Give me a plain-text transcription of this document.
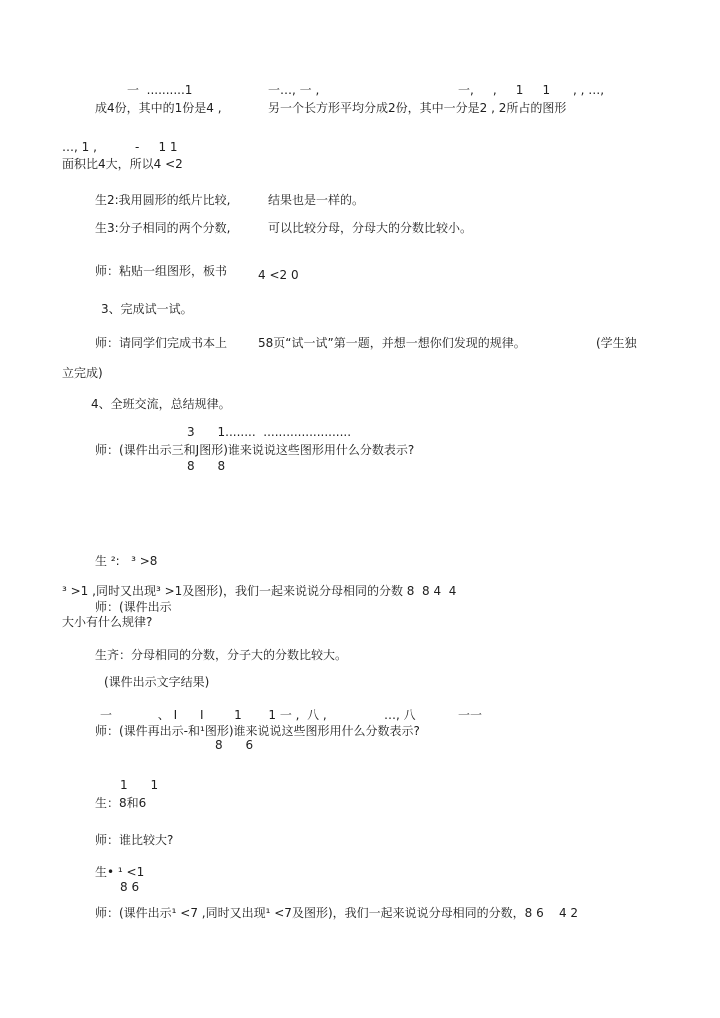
一  ..........1	一…, 一 ,	一,     ,     1     1      , , …,
成4份，其中的1份是4 ,	另一个长方形平均分成2份，其中一分是2 , 2所占的图形
…, 1 ,          -     1 1
面积比4大，所以4 <2
生2:我用圆形的纸片比较,	结果也是一样的。
生3:分子相同的两个分数,	可以比较分母，分母大的分数比较小。
师：粘贴一组图形，板书	4 <2 0
3、完成试一试。
师：请同学们完成书本上	58页“试一试”第一题，并想一想你们发现的规律。	(学生独
立完成)
4、全班交流，总结规律。
3      1........  .......................
师：(课件出示三和J图形)谁来说说这些图形用什么分数表示?
8      8
生 ²:   ³ >8
³ >1 ,同时又出现³ >1及图形)，我们一起来说说分母相同的分数 8  8 4  4
师：(课件出示
大小有什么规律?
生齐：分母相同的分数，分子大的分数比较大。
(课件出示文字结果)
一            、 I      I        1       1 一 ,  八 ,	…, 八	一一
师：(课件再出示-和¹图形)谁来说说这些图形用什么分数表示?
8      6
1      1
生：8和6
师：谁比较大?
生• ¹ <1
8 6
师：(课件出示¹ <7 ,同时又出现¹ <7及图形)，我们一起来说说分母相同的分数，8 6    4 2
